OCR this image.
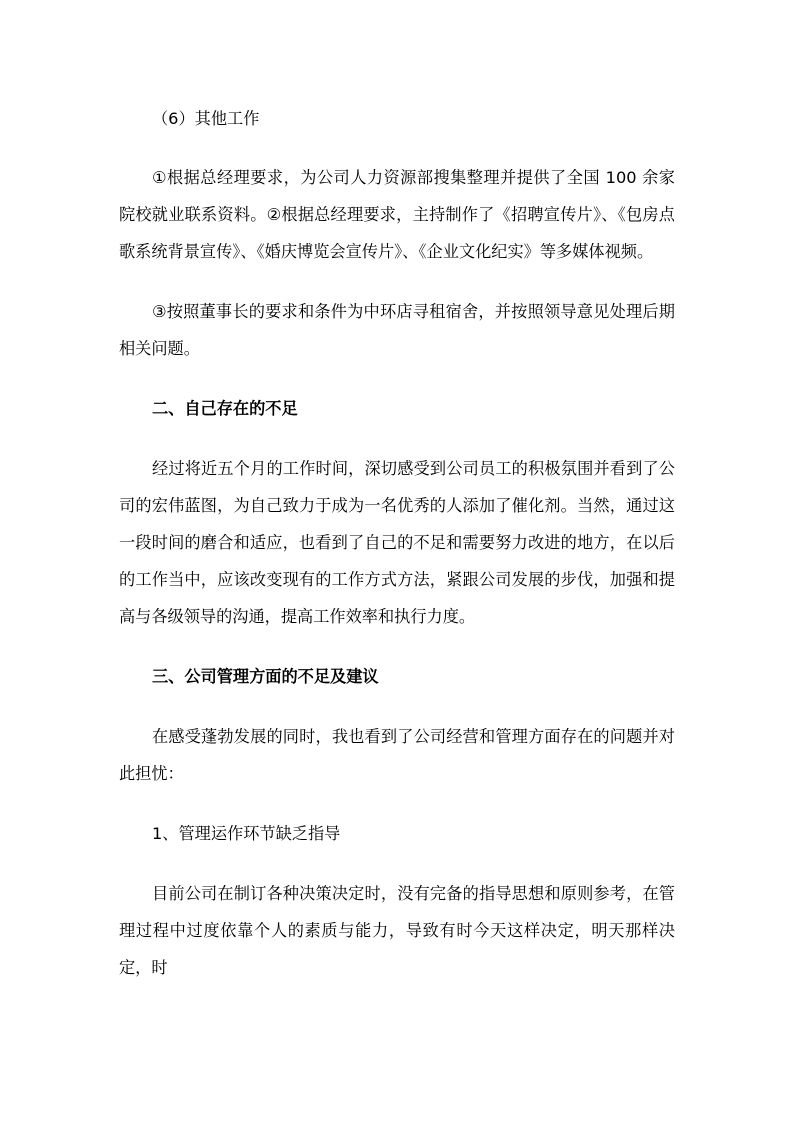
（6）其他工作

①根据总经理要求，为公司人力资源部搜集整理并提供了全国 100 余家院校就业联系资料。②根据总经理要求，主持制作了《招聘宣传片》、《包房点歌系统背景宣传》、《婚庆博览会宣传片》、《企业文化纪实》等多媒体视频。

③按照董事长的要求和条件为中环店寻租宿舍，并按照领导意见处理后期相关问题。

二、自己存在的不足

经过将近五个月的工作时间，深切感受到公司员工的积极氛围并看到了公司的宏伟蓝图，为自己致力于成为一名优秀的人添加了催化剂。当然，通过这一段时间的磨合和适应，也看到了自己的不足和需要努力改进的地方，在以后的工作当中，应该改变现有的工作方式方法，紧跟公司发展的步伐，加强和提高与各级领导的沟通，提高工作效率和执行力度。

三、公司管理方面的不足及建议

在感受蓬勃发展的同时，我也看到了公司经营和管理方面存在的问题并对此担忧：

1、管理运作环节缺乏指导

目前公司在制订各种决策决定时，没有完备的指导思想和原则参考，在管理过程中过度依靠个人的素质与能力，导致有时今天这样决定，明天那样决定，时
